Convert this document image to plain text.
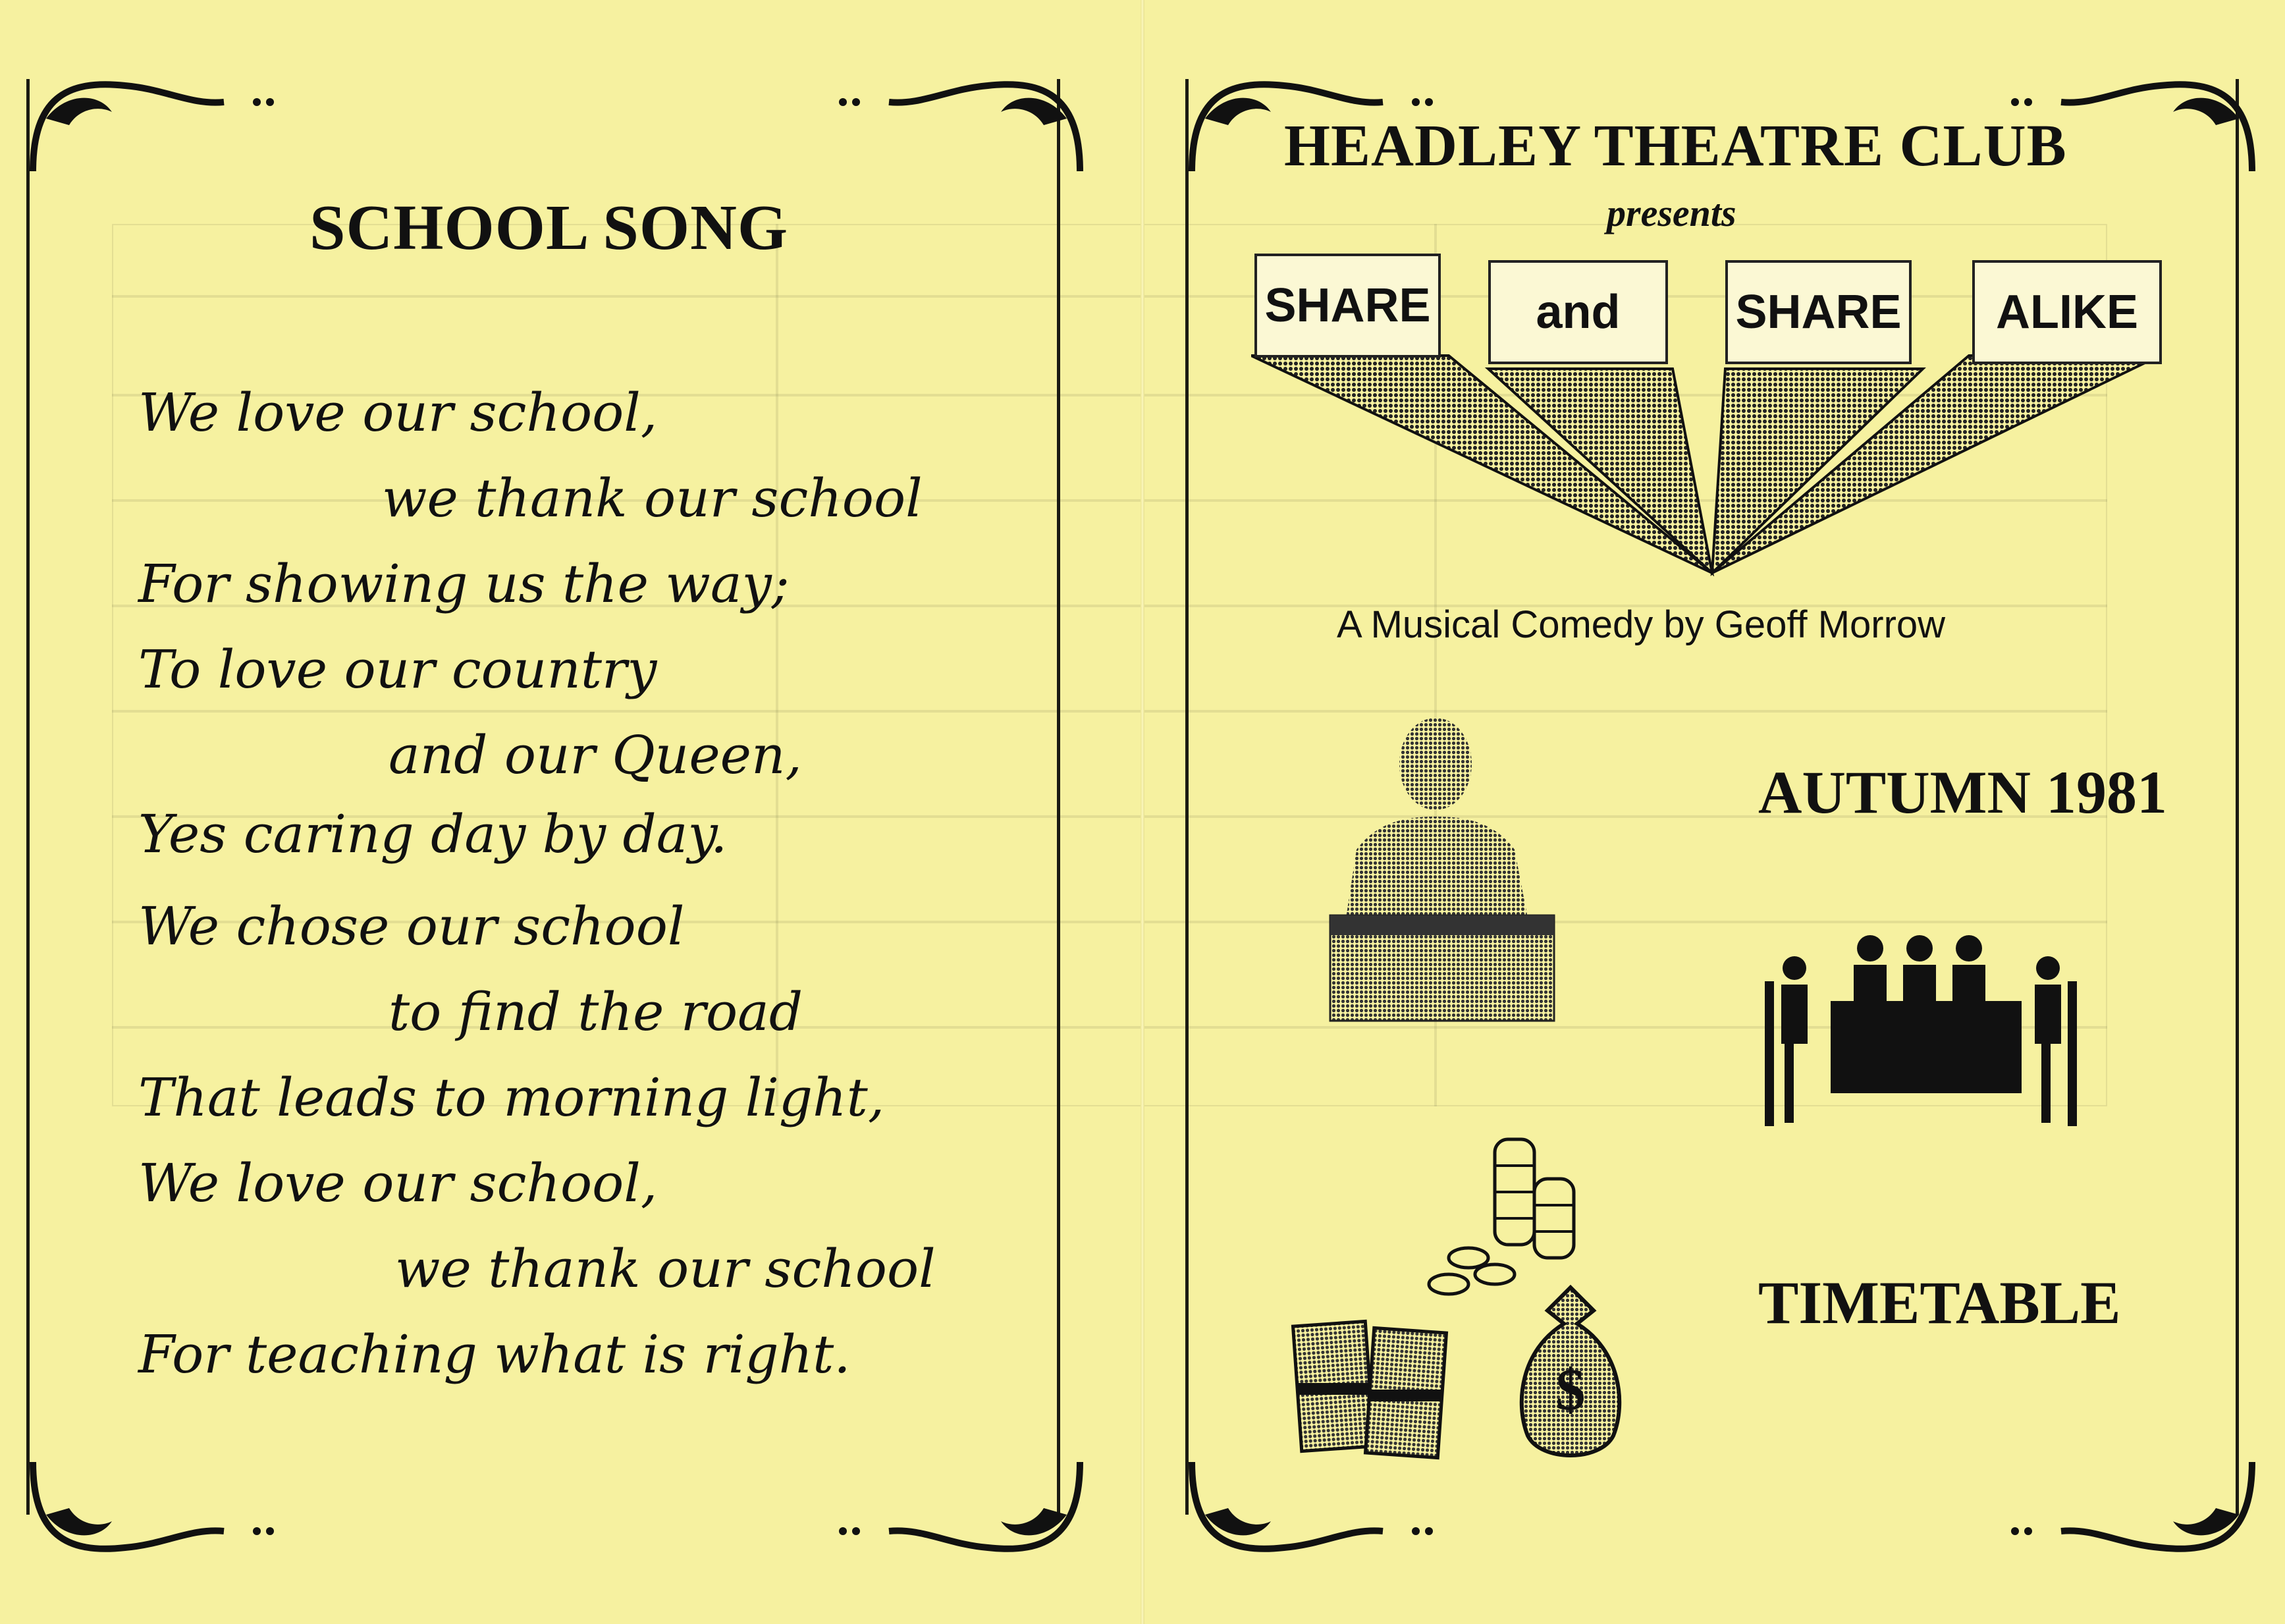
SCHOOL SONG
We love our school,
we thank our school
For showing us the way;
To love our country
and our Queen,
Yes caring day by day.
We chose our school
to find the road
That leads to morning light,
We love our school,
we thank our school
For teaching what is right.
HEADLEY THEATRE CLUB
presents
SHARE	and	SHARE	ALIKE
A Musical Comedy by Geoff Morrow
AUTUMN 1981
$
TIMETABLE
